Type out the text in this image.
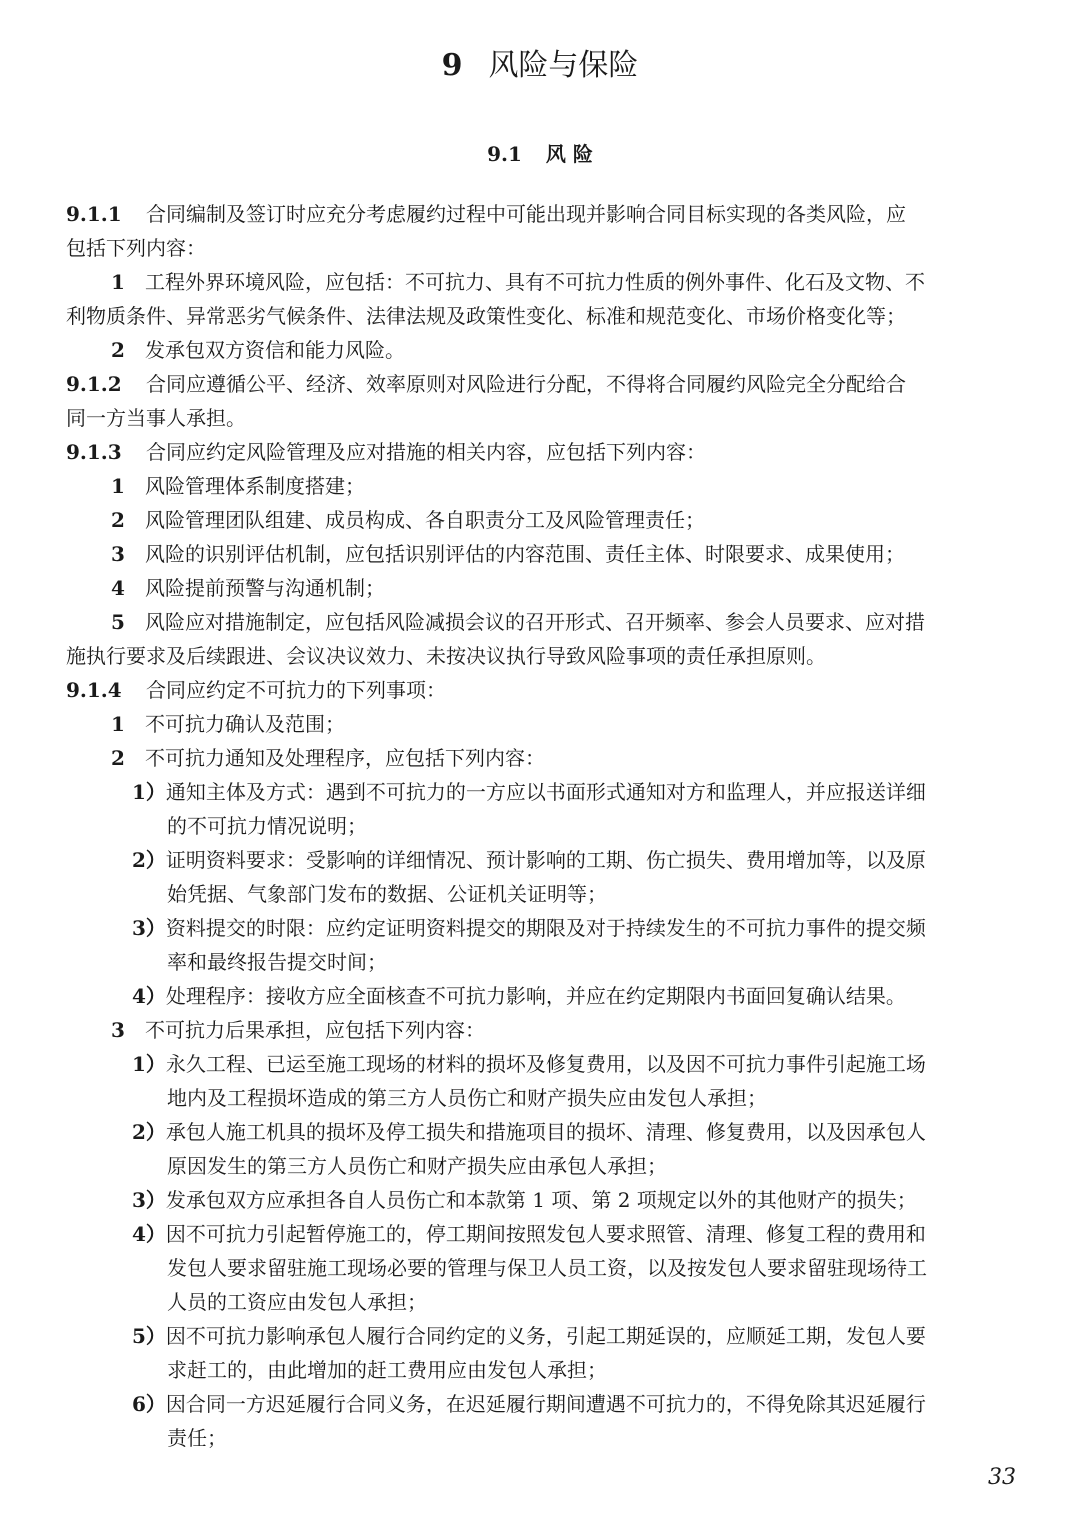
9 风险与保险
9.1 风 险

9.1.1 合同编制及签订时应充分考虑履约过程中可能出现并影响合同目标实现的各类风险，应

包括下列内容：

1 工程外界环境风险，应包括：不可抗力、具有不可抗力性质的例外事件、化石及文物、不

利物质条件、异常恶劣气候条件、法律法规及政策性变化、标准和规范变化、市场价格变化等；

2 发承包双方资信和能力风险。

9.1.2 合同应遵循公平、经济、效率原则对风险进行分配，不得将合同履约风险完全分配给合

同一方当事人承担。

9.1.3 合同应约定风险管理及应对措施的相关内容，应包括下列内容：

1 风险管理体系制度搭建；

2 风险管理团队组建、成员构成、各自职责分工及风险管理责任；

3 风险的识别评估机制，应包括识别评估的内容范围、责任主体、时限要求、成果使用；

4 风险提前预警与沟通机制；

5 风险应对措施制定，应包括风险减损会议的召开形式、召开频率、参会人员要求、应对措

施执行要求及后续跟进、会议决议效力、未按决议执行导致风险事项的责任承担原则。

9.1.4 合同应约定不可抗力的下列事项：

1 不可抗力确认及范围；

2 不可抗力通知及处理程序，应包括下列内容：

1）通知主体及方式：遇到不可抗力的一方应以书面形式通知对方和监理人，并应报送详细

的不可抗力情况说明；

2）证明资料要求：受影响的详细情况、预计影响的工期、伤亡损失、费用增加等，以及原

始凭据、气象部门发布的数据、公证机关证明等；

3）资料提交的时限：应约定证明资料提交的期限及对于持续发生的不可抗力事件的提交频

率和最终报告提交时间；

4）处理程序：接收方应全面核查不可抗力影响，并应在约定期限内书面回复确认结果。

3 不可抗力后果承担，应包括下列内容：

1）永久工程、已运至施工现场的材料的损坏及修复费用，以及因不可抗力事件引起施工场

地内及工程损坏造成的第三方人员伤亡和财产损失应由发包人承担；

2）承包人施工机具的损坏及停工损失和措施项目的损坏、清理、修复费用，以及因承包人

原因发生的第三方人员伤亡和财产损失应由承包人承担；

3）发承包双方应承担各自人员伤亡和本款第 1 项、第 2 项规定以外的其他财产的损失；

4）因不可抗力引起暂停施工的，停工期间按照发包人要求照管、清理、修复工程的费用和

发包人要求留驻施工现场必要的管理与保卫人员工资，以及按发包人要求留驻现场待工

人员的工资应由发包人承担；

5）因不可抗力影响承包人履行合同约定的义务，引起工期延误的，应顺延工期，发包人要

求赶工的，由此增加的赶工费用应由发包人承担；

6）因合同一方迟延履行合同义务，在迟延履行期间遭遇不可抗力的，不得免除其迟延履行

责任；

33
